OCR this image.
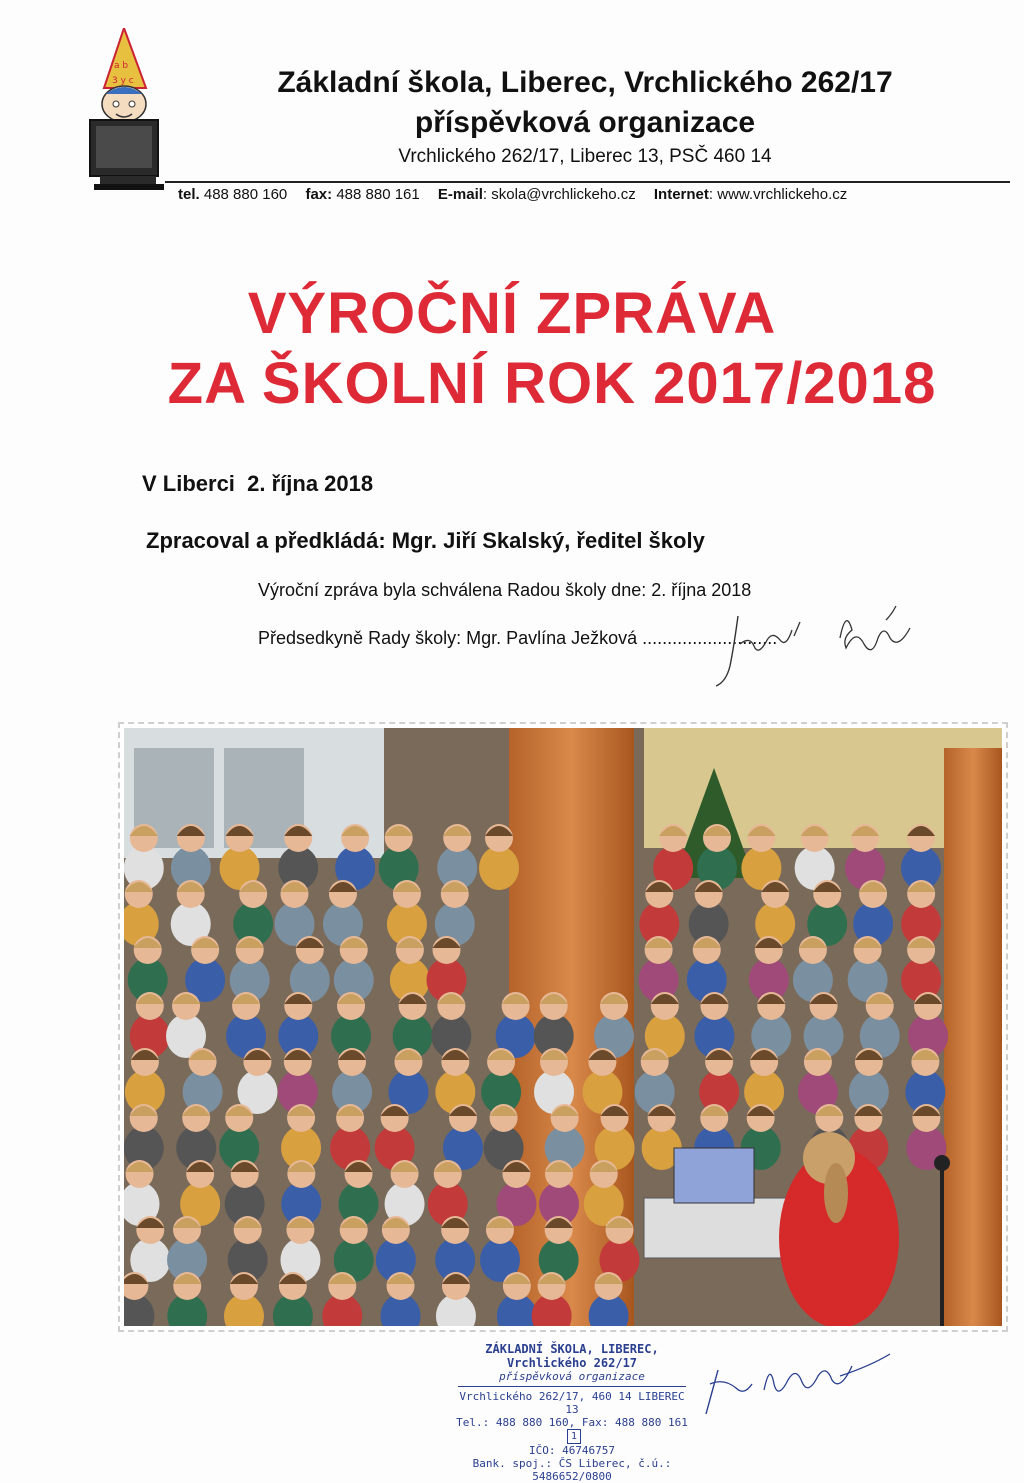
a b
3 y c	Základní škola, Liberec, Vrchlického 262/17
příspěvková organizace
Vrchlického 262/17, Liberec 13, PSČ 460 14
tel. 488 880 160 fax: 488 880 161 E-mail: skola@vrchlickeho.cz Internet: www.vrchlickeho.cz
VÝROČNÍ ZPRÁVA
ZA ŠKOLNÍ ROK 2017/2018
V Liberci  2. října 2018
Zpracoval a předkládá: Mgr. Jiří Skalský, ředitel školy
Výroční zpráva byla schválena Radou školy dne: 2. října 2018
Předsedkyně Rady školy: Mgr. Pavlína Ježková ...........................
ZÁKLADNÍ ŠKOLA, LIBEREC, Vrchlického 262/17
příspěvková organizace
Vrchlického 262/17, 460 14 LIBEREC 13
Tel.: 488 880 160, Fax: 488 880 1611
IČO: 46746757
Bank. spoj.: ČS Liberec, č.ú.: 5486652/0800
